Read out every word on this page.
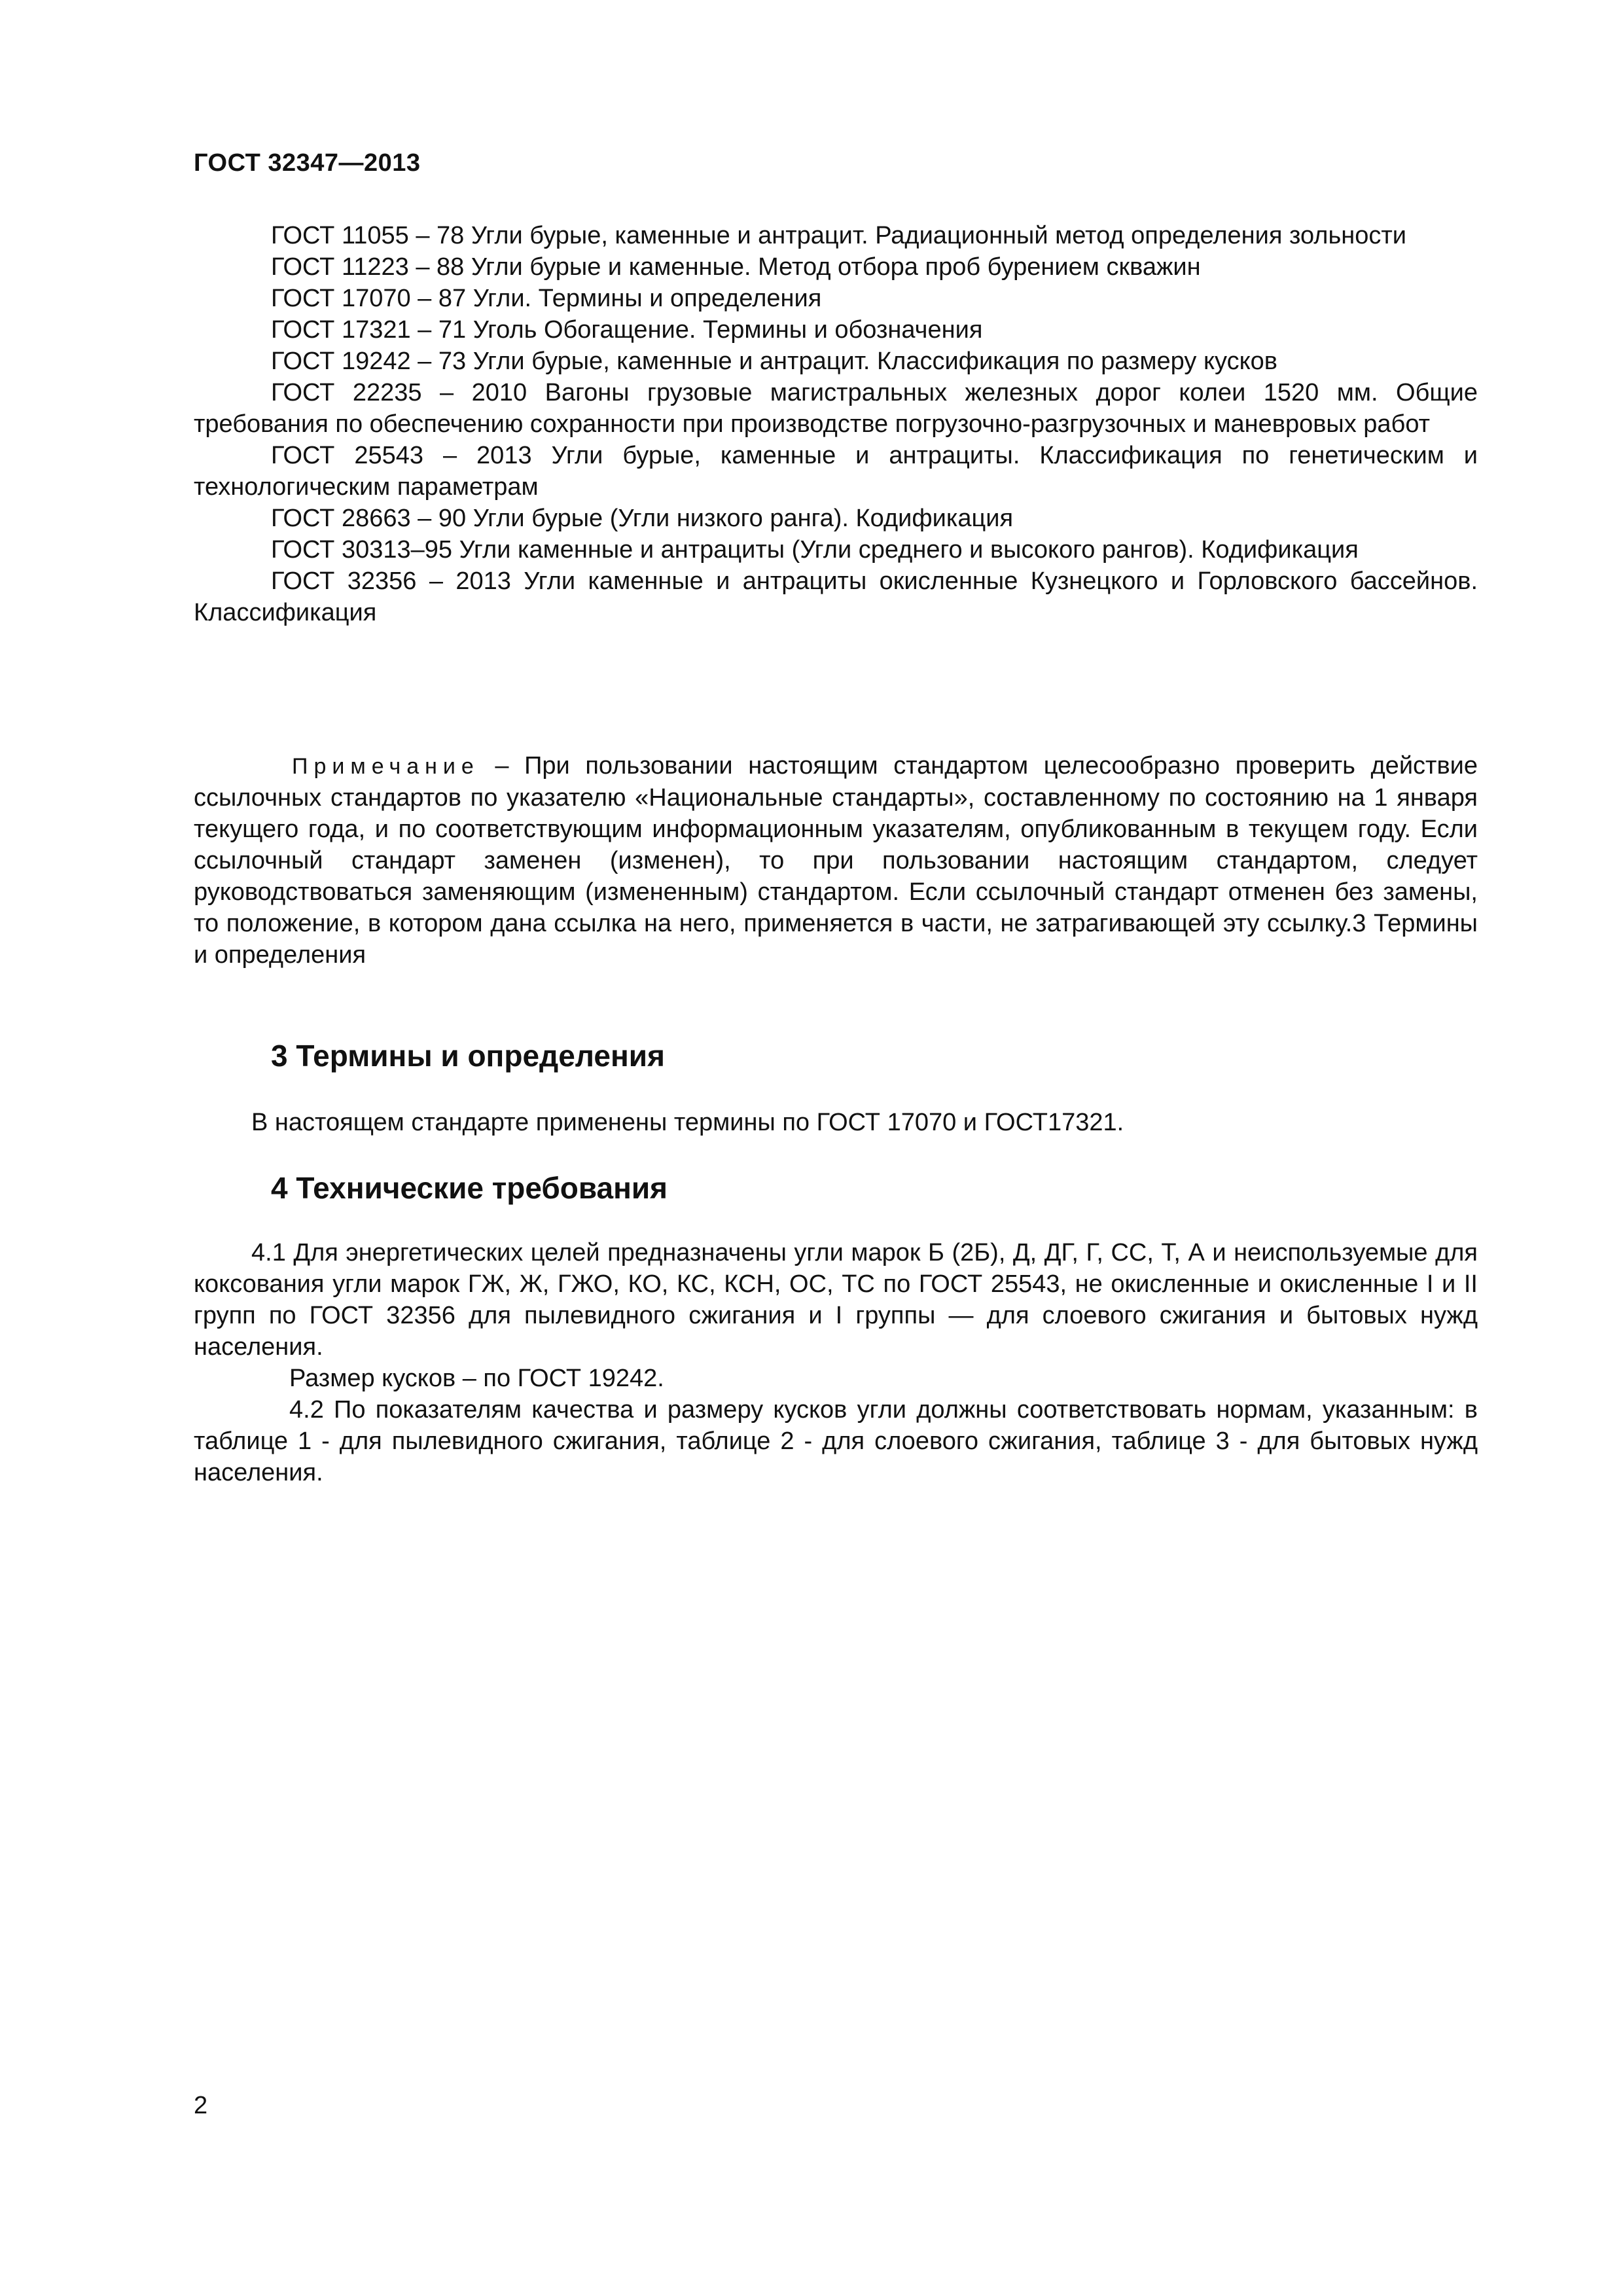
ГОСТ 32347—2013

ГОСТ 11055 – 78 Угли бурые, каменные и антрацит. Радиационный метод определения зольности

ГОСТ 11223 – 88 Угли бурые и каменные. Метод отбора проб бурением скважин

ГОСТ 17070 – 87 Угли. Термины и определения

ГОСТ 17321 – 71 Уголь Обогащение. Термины и обозначения

ГОСТ 19242 – 73 Угли бурые, каменные и антрацит. Классификация по размеру кусков

ГОСТ 22235 – 2010 Вагоны грузовые магистральных железных дорог колеи 1520 мм. Общие требования по обеспечению сохранности при производстве погрузочно-разгрузочных и маневровых работ

ГОСТ 25543 – 2013 Угли бурые, каменные и антрациты. Классификация по генетическим и технологическим параметрам

ГОСТ 28663 – 90 Угли бурые (Угли низкого ранга). Кодификация

ГОСТ 30313–95 Угли каменные и антрациты (Угли среднего и высокого рангов). Кодификация

ГОСТ 32356 – 2013 Угли каменные и антрациты окисленные Кузнецкого и Горловского бассейнов. Классификация

Примечание – При пользовании настоящим стандартом целесообразно проверить действие ссылочных стандартов по указателю «Национальные стандарты», составленному по состоянию на 1 января текущего года, и по соответствующим информационным указателям, опубликованным в текущем году. Если ссылочный стандарт заменен (изменен), то при пользовании настоящим стандартом, следует руководствоваться заменяющим (измененным) стандартом. Если ссылочный стандарт отменен без замены, то положение, в котором дана ссылка на него, применяется в части, не затрагивающей эту ссылку.3 Термины и определения

3 Термины и определения

В настоящем стандарте применены термины по ГОСТ 17070 и ГОСТ17321.

4 Технические требования

4.1 Для энергетических целей предназначены угли марок Б (2Б), Д, ДГ, Г, СС, Т, А и неиспользуемые для коксования угли марок ГЖ, Ж, ГЖО, КО, КС, КСН, ОС, ТС по ГОСТ 25543, не окисленные и окисленные I и II групп по ГОСТ 32356 для пылевидного сжигания и I группы — для слоевого сжигания и бытовых нужд населения.

Размер кусков – по ГОСТ 19242.

4.2 По показателям качества и размеру кусков угли должны соответствовать нормам, указанным: в таблице 1 - для пылевидного сжигания, таблице 2 - для слоевого сжигания, таблице 3 - для бытовых нужд населения.

2
